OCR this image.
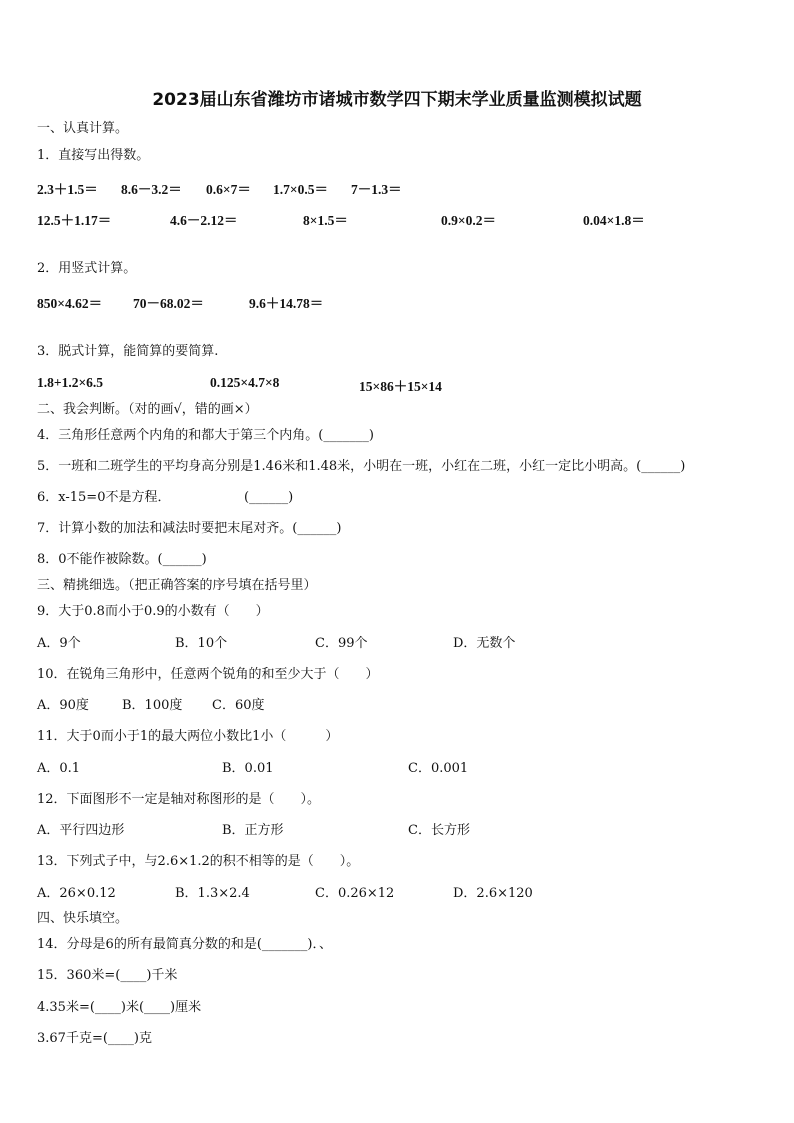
2023届山东省潍坊市诸城市数学四下期末学业质量监测模拟试题
一、认真计算。
1．直接写出得数。
2.3＋1.5＝ 8.6－3.2＝ 0.6×7＝ 1.7×0.5＝ 7－1.3＝
12.5＋1.17＝	4.6－2.12＝	8×1.5＝	0.9×0.2＝	0.04×1.8＝
2．用竖式计算。
850×4.62＝ 70－68.02＝	9.6＋14.78＝
3．脱式计算，能简算的要简算.
1.8+1.2×6.5	0.125×4.7×8	15×86＋15×14
二、我会判断。（对的画√，错的画×）
4．三角形任意两个内角的和都大于第三个内角。(_______)
5．一班和二班学生的平均身高分别是1.46米和1.48米，小明在一班，小红在二班，小红一定比小明高。(______)
6．x-15=0不是方程．	(______)
7．计算小数的加法和减法时要把末尾对齐。(______)
8．0不能作被除数。(______)
三、精挑细选。（把正确答案的序号填在括号里）
9．大于0.8而小于0.9的小数有（　　）
A．9个	B．10个	C．99个	D．无数个
10．在锐角三角形中，任意两个锐角的和至少大于（　　）
A．90度	B．100度 C．60度
11．大于0而小于1的最大两位小数比1小（　　　）
A．0.1	B．0.01	C．0.001
12．下面图形不一定是轴对称图形的是（　　）。
A．平行四边形	B．正方形	C．长方形
13．下列式子中，与2.6×1.2的积不相等的是（　　）。
A．26×0.12	B．1.3×2.4	C．0.26×12	D．2.6×120
四、快乐填空。
14．分母是6的所有最简真分数的和是(_______)．、
15．360米=(____)千米
4.35米=(____)米(____)厘米
3.67千克=(____)克
